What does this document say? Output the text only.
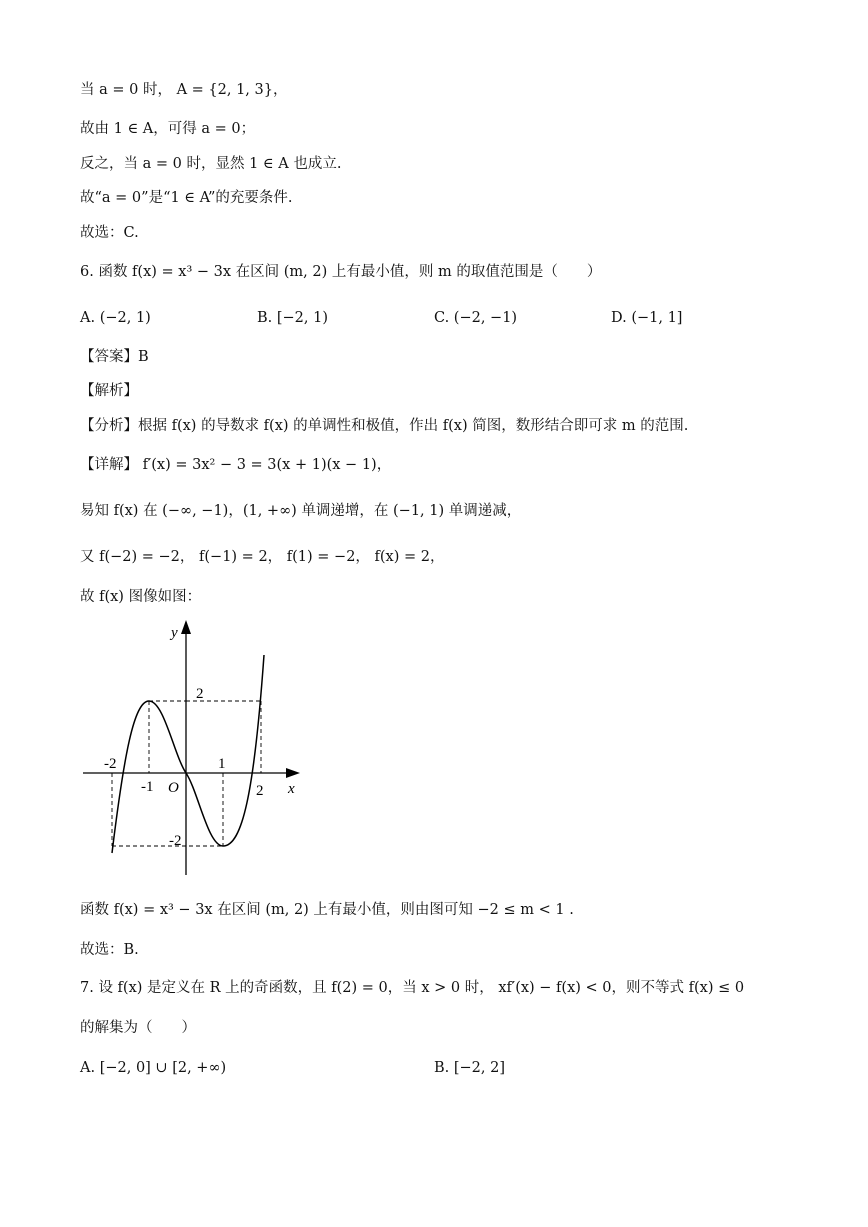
当 a = 0 时， A = {2, 1, 3}，
故由 1 ∈ A，可得 a = 0；
反之，当 a = 0 时，显然 1 ∈ A 也成立.
故“a = 0”是“1 ∈ A”的充要条件.
故选：C.
6. 函数 f(x) = x³ − 3x 在区间 (m, 2) 上有最小值，则 m 的取值范围是（　　）
A. (−2, 1)	B. [−2, 1)	C. (−2, −1)	D. (−1, 1]
【答案】B
【解析】
【分析】根据 f(x) 的导数求 f(x) 的单调性和极值，作出 f(x) 简图，数形结合即可求 m 的范围.
【详解】 f′(x) = 3x² − 3 = 3(x + 1)(x − 1)，
易知 f(x) 在 (−∞, −1)，(1, +∞) 单调递增，在 (−1, 1) 单调递减，
又 f(−2) = −2， f(−1) = 2， f(1) = −2， f(x) = 2，
故 f(x) 图像如图：
2
-2
-1
1
2
-2
O	x
y
函数 f(x) = x³ − 3x 在区间 (m, 2) 上有最小值，则由图可知 −2 ≤ m < 1 .
故选：B.
7. 设 f(x) 是定义在 R 上的奇函数，且 f(2) = 0，当 x > 0 时， xf′(x) − f(x) < 0，则不等式 f(x) ≤ 0
的解集为（　　）
A. [−2, 0] ∪ [2, +∞)	B. [−2, 2]
